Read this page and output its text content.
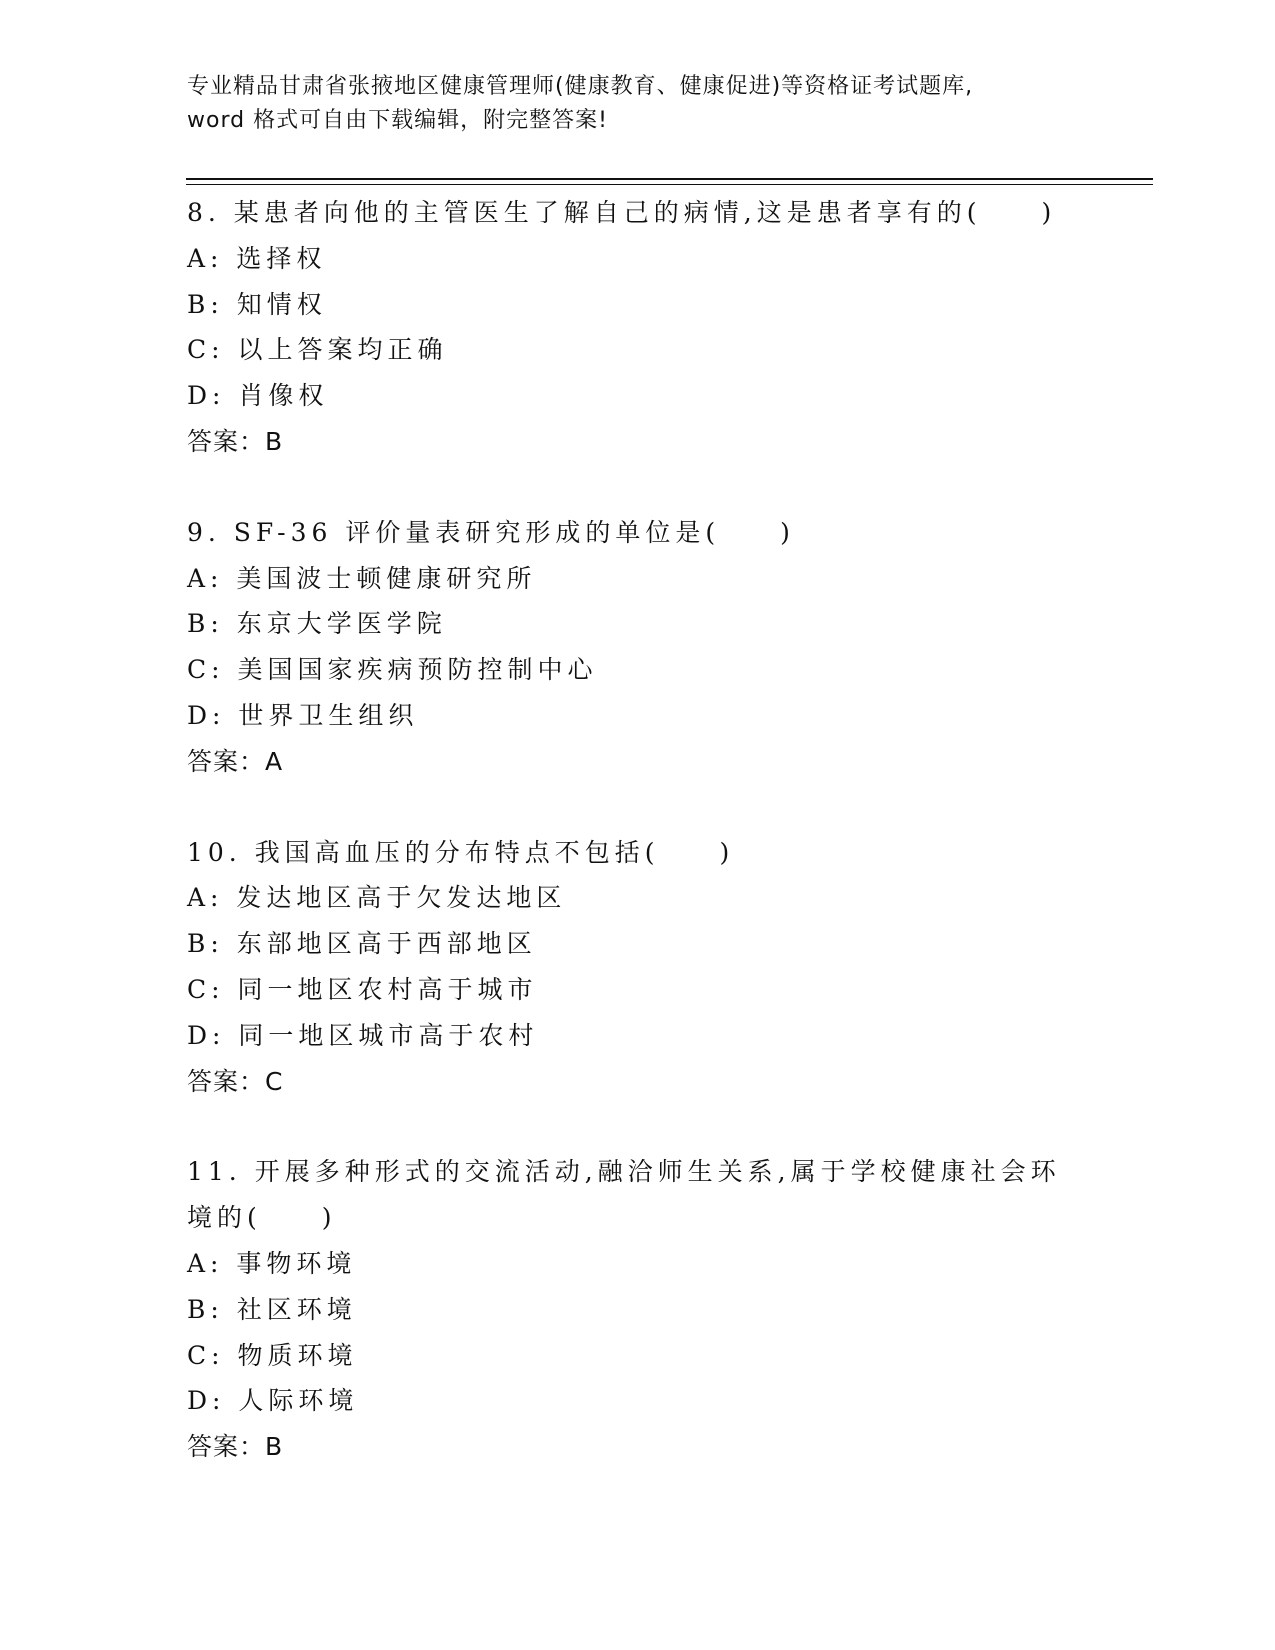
专业精品甘肃省张掖地区健康管理师(健康教育、健康促进)等资格证考试题库,
word 格式可自由下载编辑，附完整答案!
8. 某患者向他的主管医生了解自己的病情,这是患者享有的(　　)
A: 选择权
B: 知情权
C: 以上答案均正确
D: 肖像权
答案：B
9. SF-36 评价量表研究形成的单位是(　　)
A: 美国波士顿健康研究所
B: 东京大学医学院
C: 美国国家疾病预防控制中心
D: 世界卫生组织
答案：A
10. 我国高血压的分布特点不包括(　　)
A: 发达地区高于欠发达地区
B: 东部地区高于西部地区
C: 同一地区农村高于城市
D: 同一地区城市高于农村
答案：C
11. 开展多种形式的交流活动,融洽师生关系,属于学校健康社会环境的(　　)
A: 事物环境
B: 社区环境
C: 物质环境
D: 人际环境
答案：B
